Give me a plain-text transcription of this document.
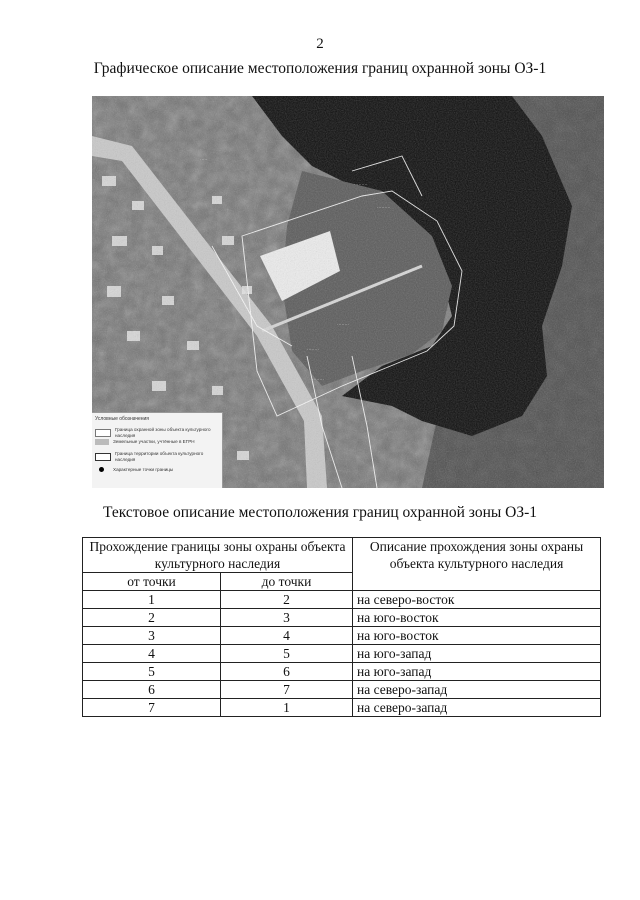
2
Графическое описание местоположения границ охранной зоны ОЗ-1
Условные обозначения
Граница охранной зоны объекта культурного наследия
Земельные участки, учтённые в ЕГРН
Граница территории объекта культурного наследия
Характерные точки границы
Текстовое описание местоположения границ охранной зоны ОЗ-1
Прохождение границы зоны охраны объекта культурного наследия		Описание прохождения зоны охраны объекта культурного наследия
от точки	до точки	
1	2	на северо-восток
2	3	на юго-восток
3	4	на юго-восток
4	5	на юго-запад
5	6	на юго-запад
6	7	на северо-запад
7	1	на северо-запад
